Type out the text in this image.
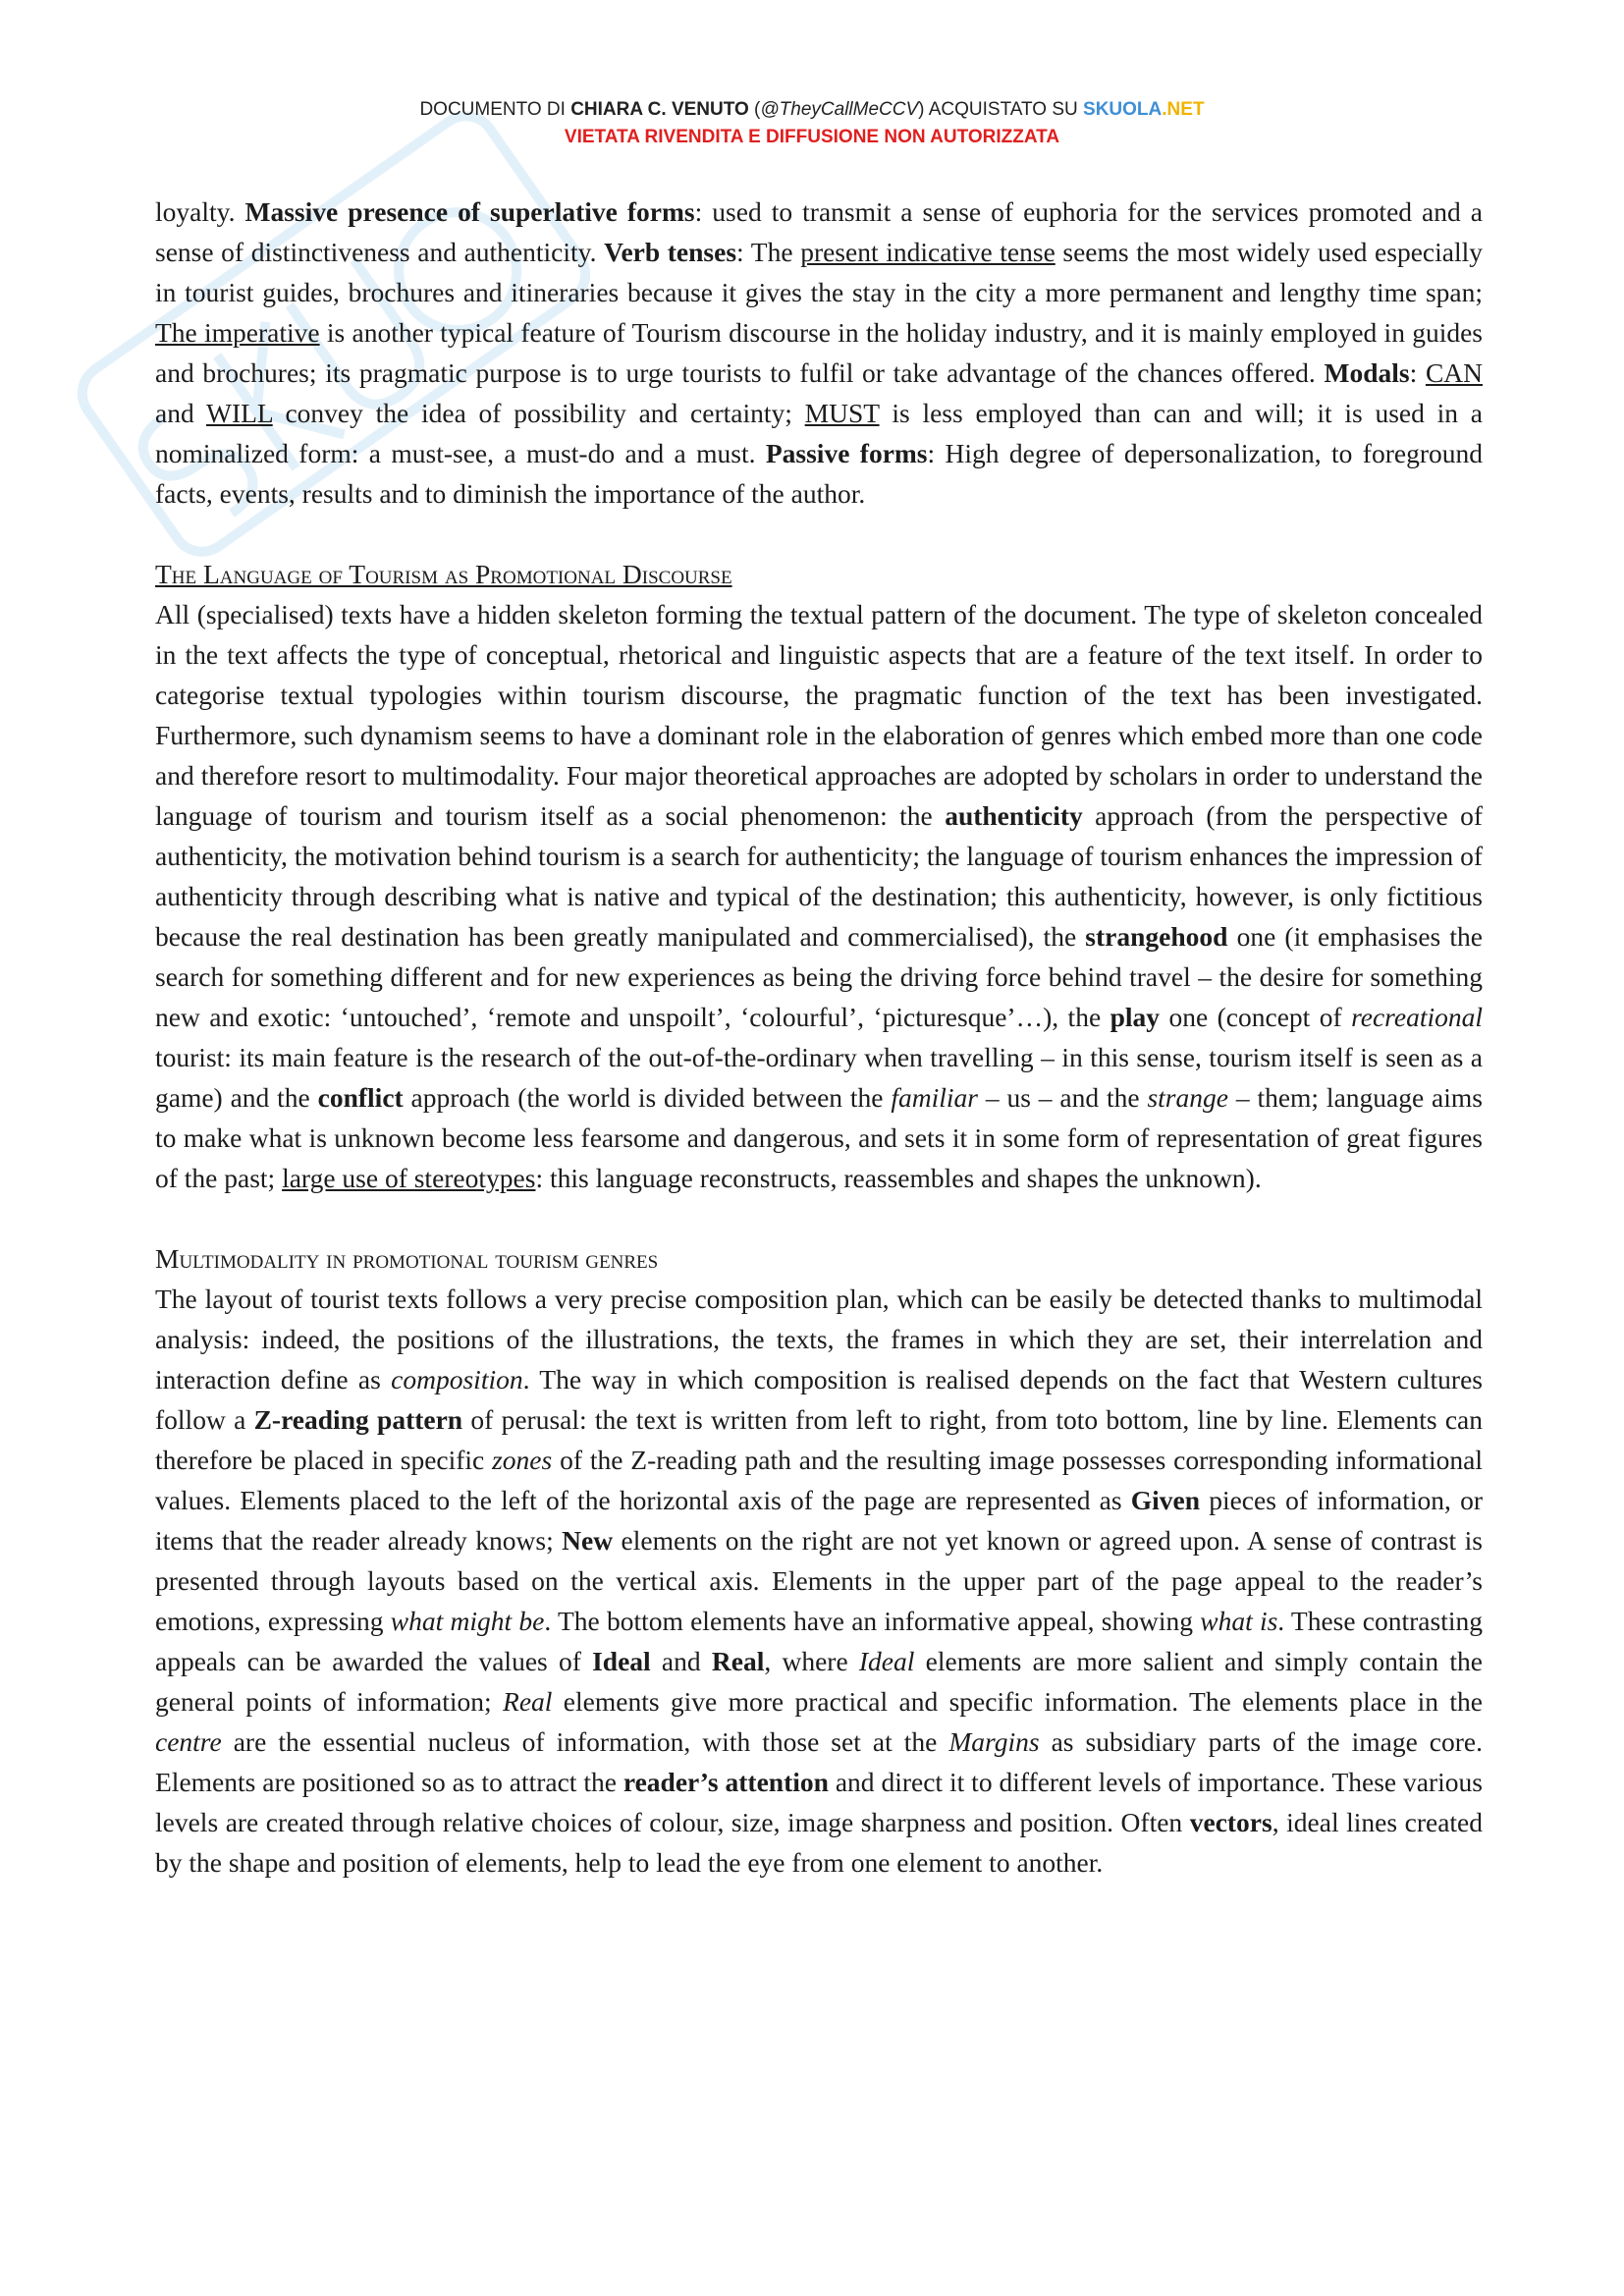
DOCUMENTO DI CHIARA C. VENUTO (@TheyCallMeCCV) ACQUISTATO SU SKUOLA.NET
VIETATA RIVENDITA E DIFFUSIONE NON AUTORIZZATA

loyalty. Massive presence of superlative forms: used to transmit a sense of euphoria for the services promoted and a sense of distinctiveness and authenticity. Verb tenses: The present indicative tense seems the most widely used especially in tourist guides, brochures and itineraries because it gives the stay in the city a more permanent and lengthy time span; The imperative is another typical feature of Tourism discourse in the holiday industry, and it is mainly employed in guides and brochures; its pragmatic purpose is to urge tourists to fulfil or take advantage of the chances offered. Modals: CAN and WILL convey the idea of possibility and certainty; MUST is less employed than can and will; it is used in a nominalized form: a must-see, a must-do and a must. Passive forms: High degree of depersonalization, to foreground facts, events, results and to diminish the importance of the author.

The Language of Tourism as Promotional Discourse

All (specialised) texts have a hidden skeleton forming the textual pattern of the document. The type of skeleton concealed in the text affects the type of conceptual, rhetorical and linguistic aspects that are a feature of the text itself. In order to categorise textual typologies within tourism discourse, the pragmatic function of the text has been investigated. Furthermore, such dynamism seems to have a dominant role in the elaboration of genres which embed more than one code and therefore resort to multimodality. Four major theoretical approaches are adopted by scholars in order to understand the language of tourism and tourism itself as a social phenomenon: the authenticity approach (from the perspective of authenticity, the motivation behind tourism is a search for authenticity; the language of tourism enhances the impression of authenticity through describing what is native and typical of the destination; this authenticity, however, is only fictitious because the real destination has been greatly manipulated and commercialised), the strangehood one (it emphasises the search for something different and for new experiences as being the driving force behind travel – the desire for something new and exotic: ‘untouched’, ‘remote and unspoilt’, ‘colourful’, ‘picturesque’…), the play one (concept of recreational tourist: its main feature is the research of the out-of-the-ordinary when travelling – in this sense, tourism itself is seen as a game) and the conflict approach (the world is divided between the familiar – us – and the strange – them; language aims to make what is unknown become less fearsome and dangerous, and sets it in some form of representation of great figures of the past; large use of stereotypes: this language reconstructs, reassembles and shapes the unknown).

Multimodality in promotional tourism genres

The layout of tourist texts follows a very precise composition plan, which can be easily be detected thanks to multimodal analysis: indeed, the positions of the illustrations, the texts, the frames in which they are set, their interrelation and interaction define as composition. The way in which composition is realised depends on the fact that Western cultures follow a Z-reading pattern of perusal: the text is written from left to right, from toto bottom, line by line. Elements can therefore be placed in specific zones of the Z-reading path and the resulting image possesses corresponding informational values. Elements placed to the left of the horizontal axis of the page are represented as Given pieces of information, or items that the reader already knows; New elements on the right are not yet known or agreed upon. A sense of contrast is presented through layouts based on the vertical axis. Elements in the upper part of the page appeal to the reader’s emotions, expressing what might be. The bottom elements have an informative appeal, showing what is. These contrasting appeals can be awarded the values of Ideal and Real, where Ideal elements are more salient and simply contain the general points of information; Real elements give more practical and specific information. The elements place in the centre are the essential nucleus of information, with those set at the Margins as subsidiary parts of the image core. Elements are positioned so as to attract the reader’s attention and direct it to different levels of importance. These various levels are created through relative choices of colour, size, image sharpness and position. Often vectors, ideal lines created by the shape and position of elements, help to lead the eye from one element to another.
